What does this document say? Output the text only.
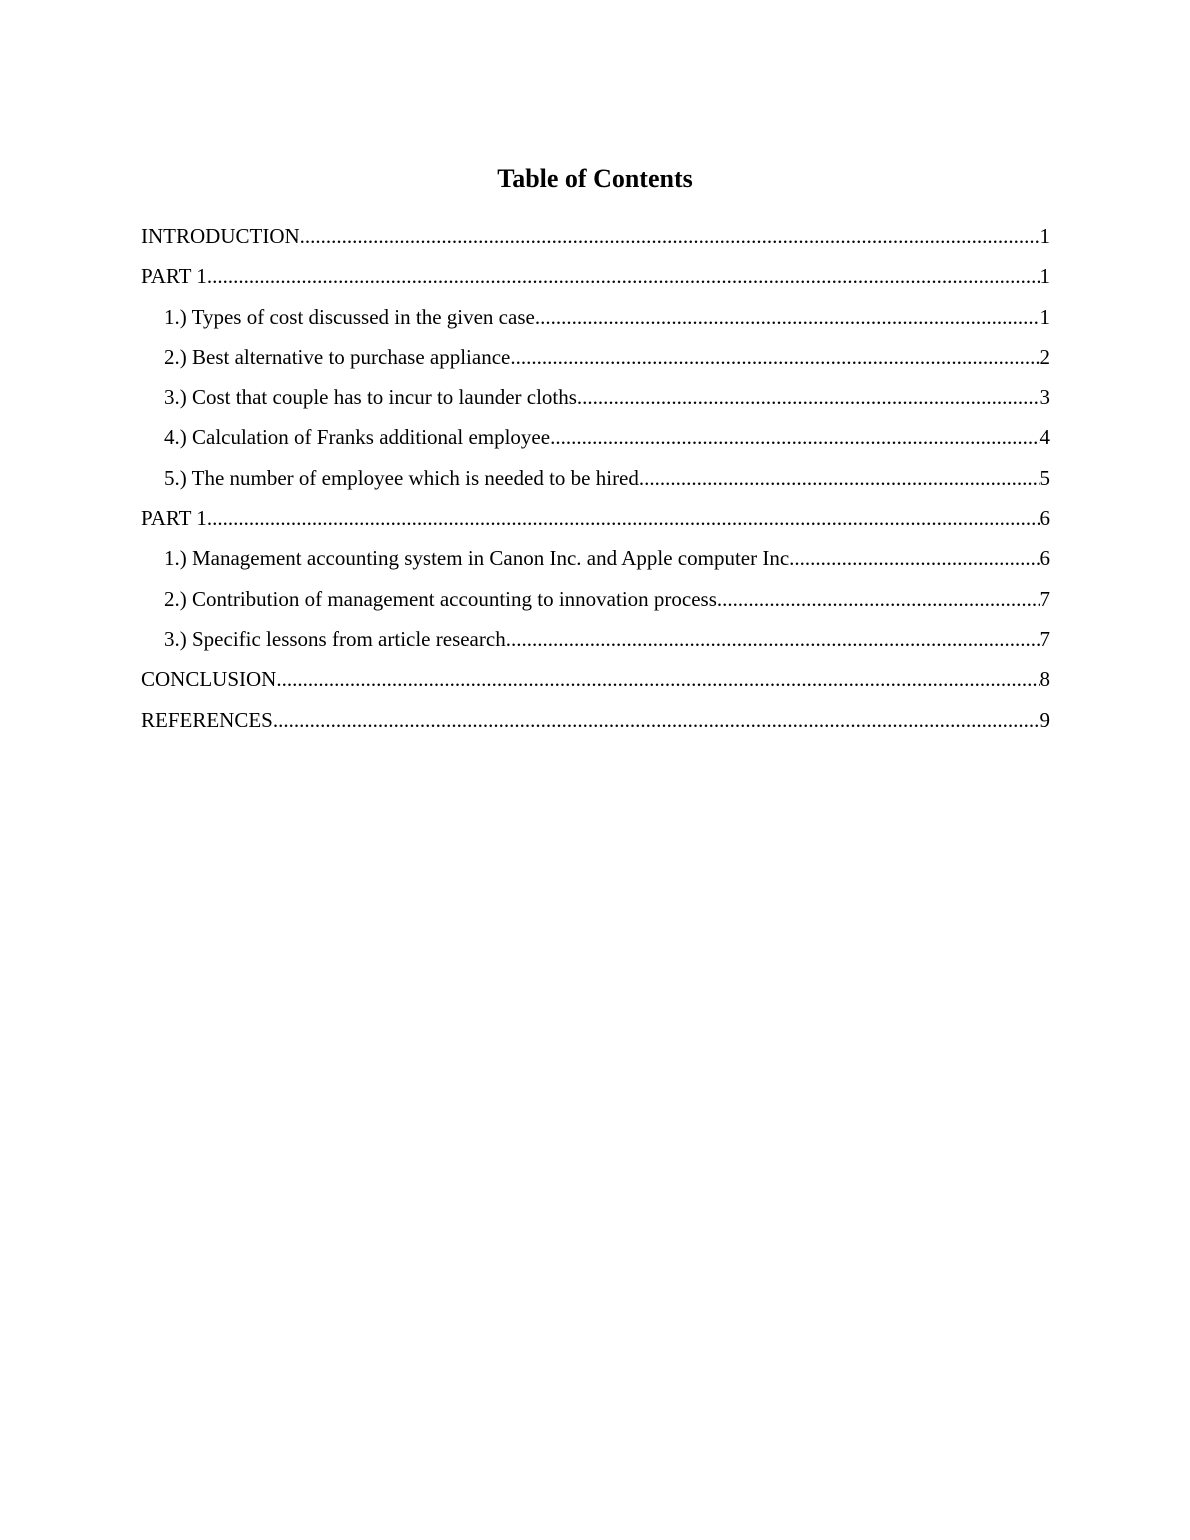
Table of Contents
INTRODUCTION .....	1
PART 1 .....	1
1.) Types of cost discussed in the given case .....	1
2.) Best alternative to purchase appliance .....	2
3.) Cost that couple has to incur to launder cloths .....	3
4.) Calculation of Franks additional employee .....	4
5.) The number of employee which is needed to be hired .....	5
PART 1 .....	6
1.) Management accounting system in Canon Inc. and Apple computer Inc. .....	6
2.) Contribution of management accounting to innovation process .....	7
3.) Specific lessons from article research .....	7
CONCLUSION .....	8
REFERENCES .....	9
